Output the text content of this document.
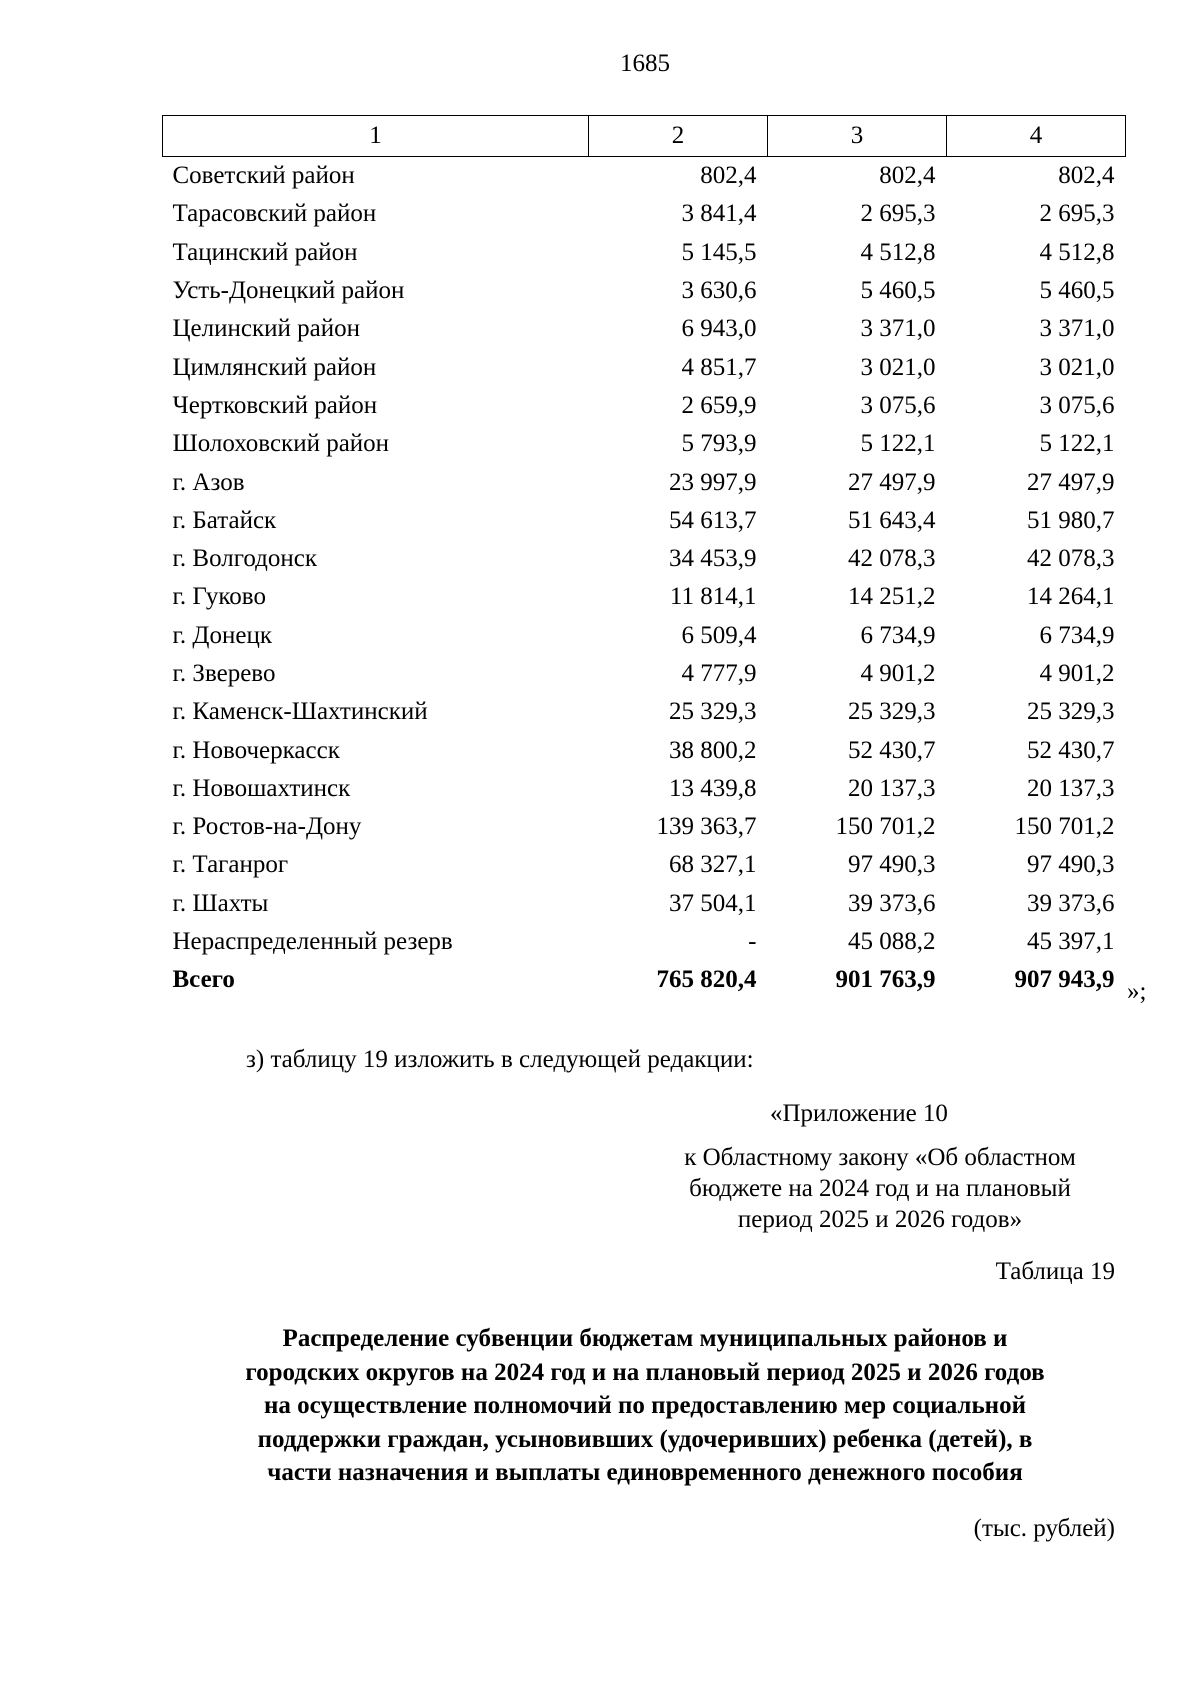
1685
1	2	3	4
Советский район	802,4	802,4	802,4
Тарасовский район	3 841,4	2 695,3	2 695,3
Тацинский район	5 145,5	4 512,8	4 512,8
Усть-Донецкий район	3 630,6	5 460,5	5 460,5
Целинский район	6 943,0	3 371,0	3 371,0
Цимлянский район	4 851,7	3 021,0	3 021,0
Чертковский район	2 659,9	3 075,6	3 075,6
Шолоховский район	5 793,9	5 122,1	5 122,1
г. Азов	23 997,9	27 497,9	27 497,9
г. Батайск	54 613,7	51 643,4	51 980,7
г. Волгодонск	34 453,9	42 078,3	42 078,3
г. Гуково	11 814,1	14 251,2	14 264,1
г. Донецк	6 509,4	6 734,9	6 734,9
г. Зверево	4 777,9	4 901,2	4 901,2
г. Каменск-Шахтинский	25 329,3	25 329,3	25 329,3
г. Новочеркасск	38 800,2	52 430,7	52 430,7
г. Новошахтинск	13 439,8	20 137,3	20 137,3
г. Ростов-на-Дону	139 363,7	150 701,2	150 701,2
г. Таганрог	68 327,1	97 490,3	97 490,3
г. Шахты	37 504,1	39 373,6	39 373,6
Нераспределенный резерв	-	45 088,2	45 397,1
Всего	765 820,4	901 763,9	907 943,9 »;
з) таблицу 19 изложить в следующей редакции:
«Приложение 10
к Областному закону «Об областном
бюджете на 2024 год и на плановый
период 2025 и 2026 годов»
Таблица 19
Распределение субвенции бюджетам муниципальных районов и
городских округов на 2024 год и на плановый период 2025 и 2026 годов
на осуществление полномочий по предоставлению мер социальной
поддержки граждан, усыновивших (удочеривших) ребенка (детей), в
части назначения и выплаты единовременного денежного пособия
(тыс. рублей)
